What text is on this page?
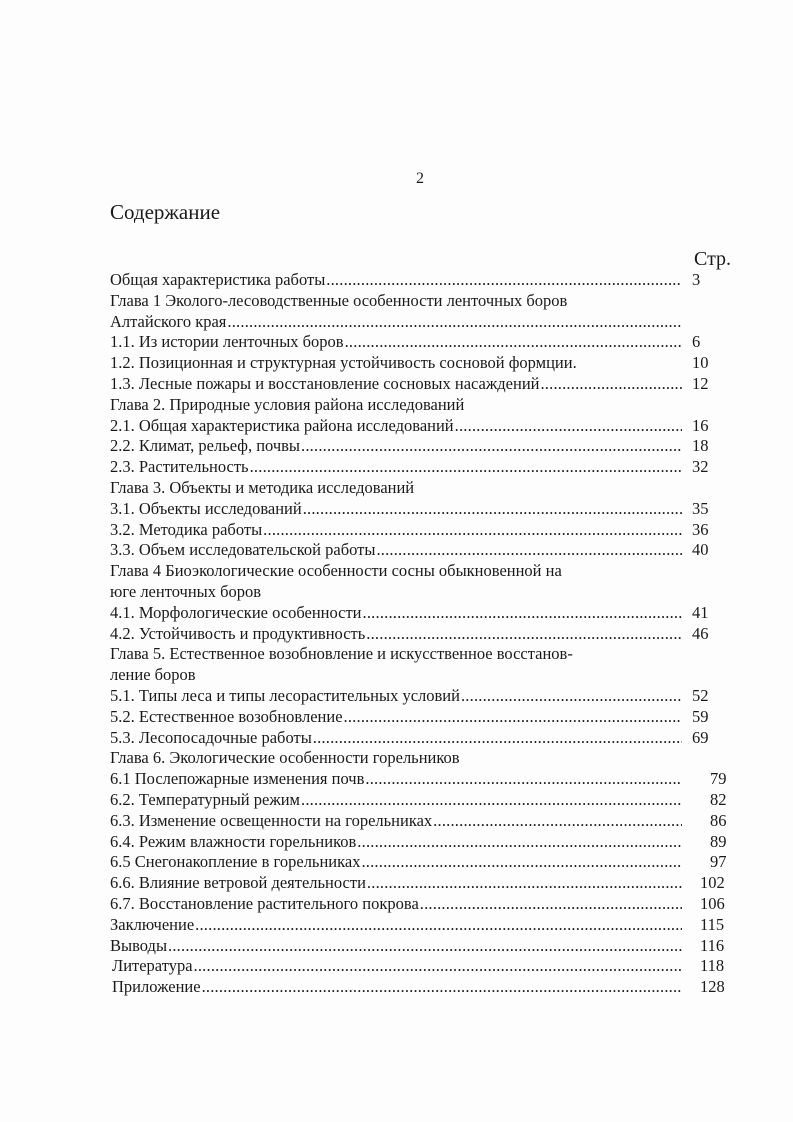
2
Содержание
Стр.
Общая характеристика работы .....	3
Глава 1 Эколого-лесоводственные особенности ленточных боров
Алтайского края
.....
1.1. Из истории ленточных боров .....	6
1.2. Позиционная и структурная устойчивость сосновой формции.	10
1.3. Лесные пожары и восстановление сосновых насаждений .....	12
Глава 2. Природные условия района исследований
2.1. Общая характеристика района исследований .....	16
2.2. Климат, рельеф, почвы .....	18
2.3. Растительность .....	32
Глава 3. Объекты и методика исследований
3.1. Объекты исследований .....	35
3.2. Методика работы .....	36
3.3. Объем исследовательской работы .....	40
Глава 4 Биоэкологические особенности сосны обыкновенной на
юге ленточных боров
4.1. Морфологические особенности .....	41
4.2. Устойчивость и продуктивность .....	46
Глава 5. Естественное возобновление и искусственное восстанов-
ление боров
5.1. Типы леса и типы лесорастительных условий .....	52
5.2. Естественное возобновление .....	59
5.3. Лесопосадочные работы .....	69
Глава 6. Экологические особенности горельников
6.1 Послепожарные изменения почв .....	79
6.2. Температурный режим .....	82
6.3. Изменение освещенности на горельниках .....	86
6.4. Режим влажности горельников .....	89
6.5 Снегонакопление в горельниках .....	97
6.6. Влияние ветровой деятельности .....	102
6.7. Восстановление растительного покрова .....	106
Заключение .....	115
Выводы .....	116
Литература .....	118
Приложение .....	128
